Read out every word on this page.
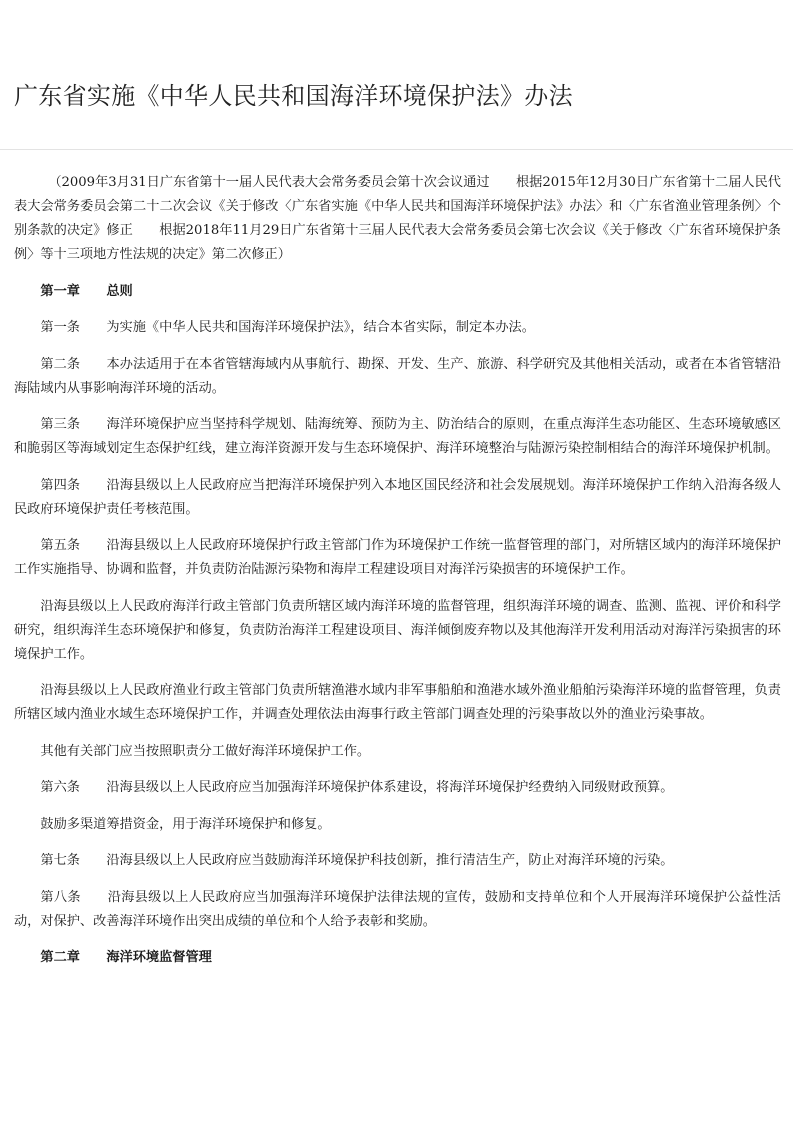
广东省实施《中华人民共和国海洋环境保护法》办法

（2009年3月31日广东省第十一届人民代表大会常务委员会第十次会议通过　　根据2015年12月30日广东省第十二届人民代表大会常务委员会第二十二次会议《关于修改〈广东省实施《中华人民共和国海洋环境保护法》办法〉和〈广东省渔业管理条例〉个别条款的决定》修正　　根据2018年11月29日广东省第十三届人民代表大会常务委员会第七次会议《关于修改〈广东省环境保护条例〉等十三项地方性法规的决定》第二次修正）

第一章　　总则

第一条　　为实施《中华人民共和国海洋环境保护法》，结合本省实际，制定本办法。

第二条　　本办法适用于在本省管辖海域内从事航行、勘探、开发、生产、旅游、科学研究及其他相关活动，或者在本省管辖沿海陆域内从事影响海洋环境的活动。

第三条　　海洋环境保护应当坚持科学规划、陆海统筹、预防为主、防治结合的原则，在重点海洋生态功能区、生态环境敏感区和脆弱区等海域划定生态保护红线，建立海洋资源开发与生态环境保护、海洋环境整治与陆源污染控制相结合的海洋环境保护机制。

第四条　　沿海县级以上人民政府应当把海洋环境保护列入本地区国民经济和社会发展规划。海洋环境保护工作纳入沿海各级人民政府环境保护责任考核范围。

第五条　　沿海县级以上人民政府环境保护行政主管部门作为环境保护工作统一监督管理的部门，对所辖区域内的海洋环境保护工作实施指导、协调和监督，并负责防治陆源污染物和海岸工程建设项目对海洋污染损害的环境保护工作。

沿海县级以上人民政府海洋行政主管部门负责所辖区域内海洋环境的监督管理，组织海洋环境的调查、监测、监视、评价和科学研究，组织海洋生态环境保护和修复，负责防治海洋工程建设项目、海洋倾倒废弃物以及其他海洋开发利用活动对海洋污染损害的环境保护工作。

沿海县级以上人民政府渔业行政主管部门负责所辖渔港水域内非军事船舶和渔港水域外渔业船舶污染海洋环境的监督管理，负责所辖区域内渔业水域生态环境保护工作，并调查处理依法由海事行政主管部门调查处理的污染事故以外的渔业污染事故。

其他有关部门应当按照职责分工做好海洋环境保护工作。

第六条　　沿海县级以上人民政府应当加强海洋环境保护体系建设，将海洋环境保护经费纳入同级财政预算。

鼓励多渠道筹措资金，用于海洋环境保护和修复。

第七条　　沿海县级以上人民政府应当鼓励海洋环境保护科技创新，推行清洁生产，防止对海洋环境的污染。

第八条　　沿海县级以上人民政府应当加强海洋环境保护法律法规的宣传，鼓励和支持单位和个人开展海洋环境保护公益性活动，对保护、改善海洋环境作出突出成绩的单位和个人给予表彰和奖励。

第二章　　海洋环境监督管理
